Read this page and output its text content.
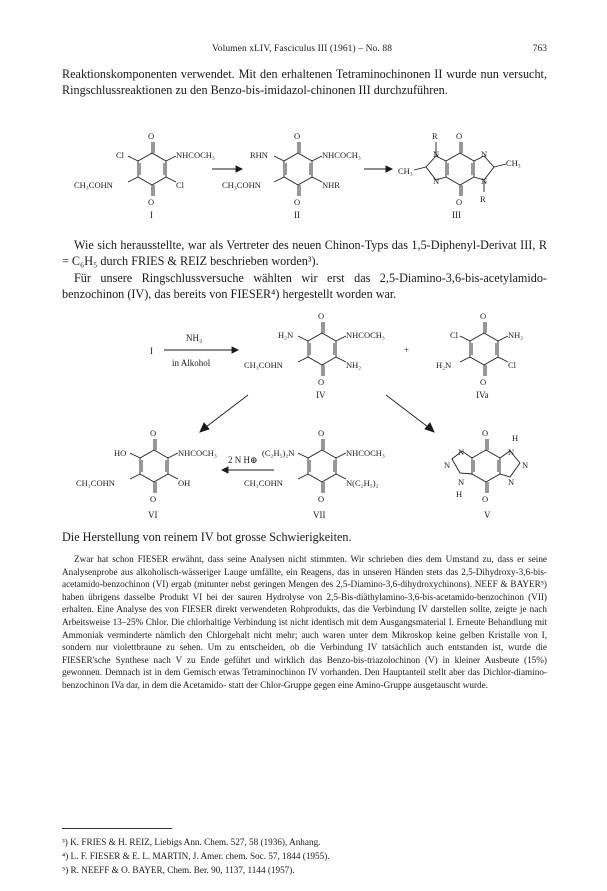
Volumen xLIV, Fasciculus III (1961) – No. 88	763
Reaktionskomponenten verwendet. Mit den erhaltenen Tetraminochinonen II wurde nun versucht, Ringschlussreaktionen zu den Benzo-bis-imidazol-chinonen III durchzuführen.
O
O
Cl	NHCOCH₃
CH₃COHN	Cl
I
O
O
RHN	NHCOCH₃
CH₃COHN	NHR
II
R O
O R
CH₃
CH₃
N	N
N	N
III
Wie sich herausstellte, war als Vertreter des neuen Chinon-Typs das 1,5-Diphenyl-Derivat III, R = C₆H₅ durch FRIES & REIZ beschrieben worden³).
Für unsere Ringschlussversuche wählten wir erst das 2,5-Diamino-3,6-bis-acetylamido-benzochinon (IV), das bereits von FIESER⁴) hergestellt worden war.
I
NH₃
in Alkohol
O
O
H₂N	NHCOCH₃
CH₃COHN	NH₂
IV
+
O
O
Cl	NH₂
H₂N	Cl
IVa
O
O
HO	NHCOCH₃
CH₃COHN	OH
VI
2 N H⊕
O
O
(C₂H₅)₂N	NHCOCH₃
CH₃COHN	N(C₂H₅)₂
VII
O
O
H
H
N
N
N
N
N
N
V
Die Herstellung von reinem IV bot grosse Schwierigkeiten.
Zwar hat schon FIESER erwähnt, dass seine Analysen nicht stimmten. Wir schrieben dies dem Umstand zu, dass er seine Analysenprobe aus alkoholisch-wässeriger Lauge umfällte, ein Reagens, das in unseren Händen stets das 2,5-Dihydroxy-3,6-bis-acetamido-benzochinon (VI) ergab (mitunter nebst geringen Mengen des 2,5-Diamino-3,6-dihydroxychinons). NEEF & BAYER⁵) haben übrigens dasselbe Produkt VI bei der sauren Hydrolyse von 2,5-Bis-diäthylamino-3,6-bis-acetamido-benzochinon (VII) erhalten. Eine Analyse des von FIESER direkt verwendeten Rohprodukts, das die Verbindung IV darstellen sollte, zeigte je nach Arbeitsweise 13–25% Chlor. Die chlorhaltige Verbindung ist nicht identisch mit dem Ausgangsmaterial I. Erneute Behandlung mit Ammoniak verminderte nämlich den Chlorgehalt nicht mehr; auch waren unter dem Mikroskop keine gelben Kristalle von I, sondern nur violettbraune zu sehen. Um zu entscheiden, ob die Verbindung IV tatsächlich auch entstanden ist, wurde die FIESER'sche Synthese nach V zu Ende geführt und wirklich das Benzo-bis-triazolochinon (V) in kleiner Ausbeute (15%) gewonnen. Demnach ist in dem Gemisch etwas Tetraminochinon IV vorhanden. Den Hauptanteil stellt aber das Dichlor-diamino-benzochinon IVa dar, in dem die Acetamido- statt der Chlor-Gruppe gegen eine Amino-Gruppe ausgetauscht wurde.
³) K. FRIES & H. REIZ, Liebigs Ann. Chem. 527, 58 (1936), Anhang.
⁴) L. F. FIESER & E. L. MARTIN, J. Amer. chem. Soc. 57, 1844 (1955).
⁵) R. NEEFF & O. BAYER, Chem. Ber. 90, 1137, 1144 (1957).
